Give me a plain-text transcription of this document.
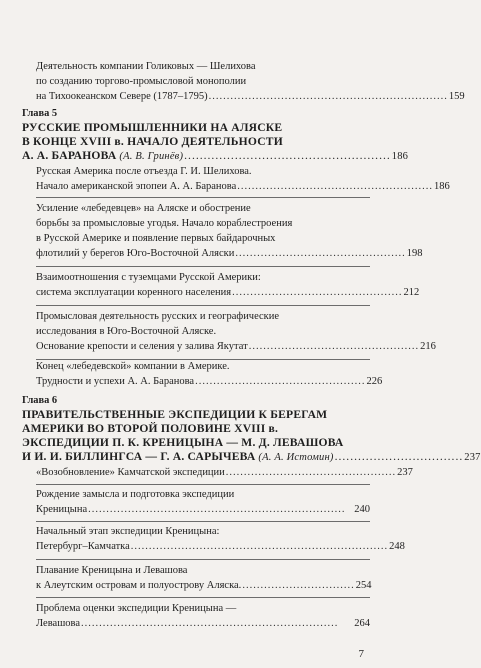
Деятельность компании Голиковых — Шелихова
по созданию торгово-промысловой монополии
на Тихоокеанском Севере (1787–1795) .................................................................. 159
Глава 5
РУССКИЕ ПРОМЫШЛЕННИКИ НА АЛЯСКЕ
В КОНЦЕ XVIII в. НАЧАЛО ДЕЯТЕЛЬНОСТИ
А. А. БАРАНОВА (А. В. Гринёв) ..................................................... 186
Русская Америка после отъезда Г. И. Шелихова.
Начало американской эпопеи А. А. Баранова ...................................................... 186
Усиление «лебедевцев» на Аляске и обострение
борьбы за промысловые угодья. Начало кораблестроения
в Русской Америке и появление первых байдарочных
флотилий у берегов Юго-Восточной Аляски ............................................... 198
Взаимоотношения с туземцами Русской Америки:
система эксплуатации коренного населения ............................................... 212
Промысловая деятельность русских и географические
исследования в Юго-Восточной Аляске.
Основание крепости и селения у залива Якутат ............................................... 216
Конец «лебедевской» компании в Америке.
Трудности и успехи А. А. Баранова ............................................... 226
Глава 6
ПРАВИТЕЛЬСТВЕННЫЕ ЭКСПЕДИЦИИ К БЕРЕГАМ
АМЕРИКИ ВО ВТОРОЙ ПОЛОВИНЕ XVIII в.
ЭКСПЕДИЦИИ П. К. КРЕНИЦЫНА — М. Д. ЛЕВАШОВА
И И. И. БИЛЛИНГСА — Г. А. САРЫЧЕВА (А. А. Истомин) ................................. 237
«Возобновление» Камчатской экспедиции ............................................... 237
Рождение замысла и подготовка экспедиции
Креницына ....................................................................... 240
Начальный этап экспедиции Креницына:
Петербург–Камчатка ....................................................................... 248
Плавание Креницына и Левашова
к Алеутским островам и полуострову Аляска. ............................... 254
Проблема оценки экспедиции Креницына —
Левашова .......................................................................	264
7
